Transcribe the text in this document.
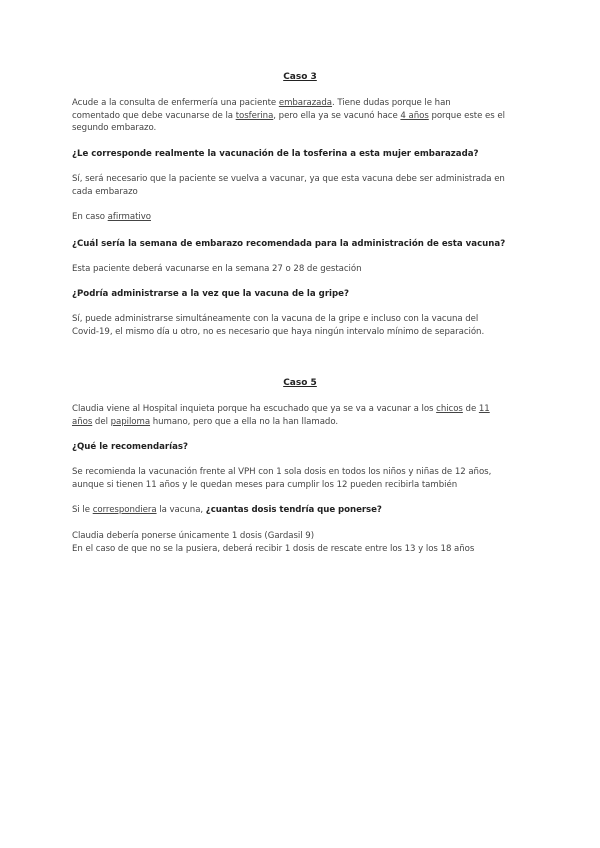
Caso 3
Acude a la consulta de enfermería una paciente embarazada. Tiene dudas porque le han
comentado que debe vacunarse de la tosferina, pero ella ya se vacunó hace 4 años porque este es el
segundo embarazo.
¿Le corresponde realmente la vacunación de la tosferina a esta mujer embarazada?
Sí, será necesario que la paciente se vuelva a vacunar, ya que esta vacuna debe ser administrada en
cada embarazo
En caso afirmativo
¿Cuál sería la semana de embarazo recomendada para la administración de esta vacuna?
Esta paciente deberá vacunarse en la semana 27 o 28 de gestación
¿Podría administrarse a la vez que la vacuna de la gripe?
Sí, puede administrarse simultáneamente con la vacuna de la gripe e incluso con la vacuna del
Covid-19, el mismo día u otro, no es necesario que haya ningún intervalo mínimo de separación.
Caso 5
Claudia viene al Hospital inquieta porque ha escuchado que ya se va a vacunar a los chicos de 11
años del papiloma humano, pero que a ella no la han llamado.
¿Qué le recomendarías?
Se recomienda la vacunación frente al VPH con 1 sola dosis en todos los niños y niñas de 12 años,
aunque si tienen 11 años y le quedan meses para cumplir los 12 pueden recibirla también
Si le correspondiera la vacuna, ¿cuantas dosis tendría que ponerse?
Claudia debería ponerse únicamente 1 dosis (Gardasil 9)
En el caso de que no se la pusiera, deberá recibir 1 dosis de rescate entre los 13 y los 18 años
